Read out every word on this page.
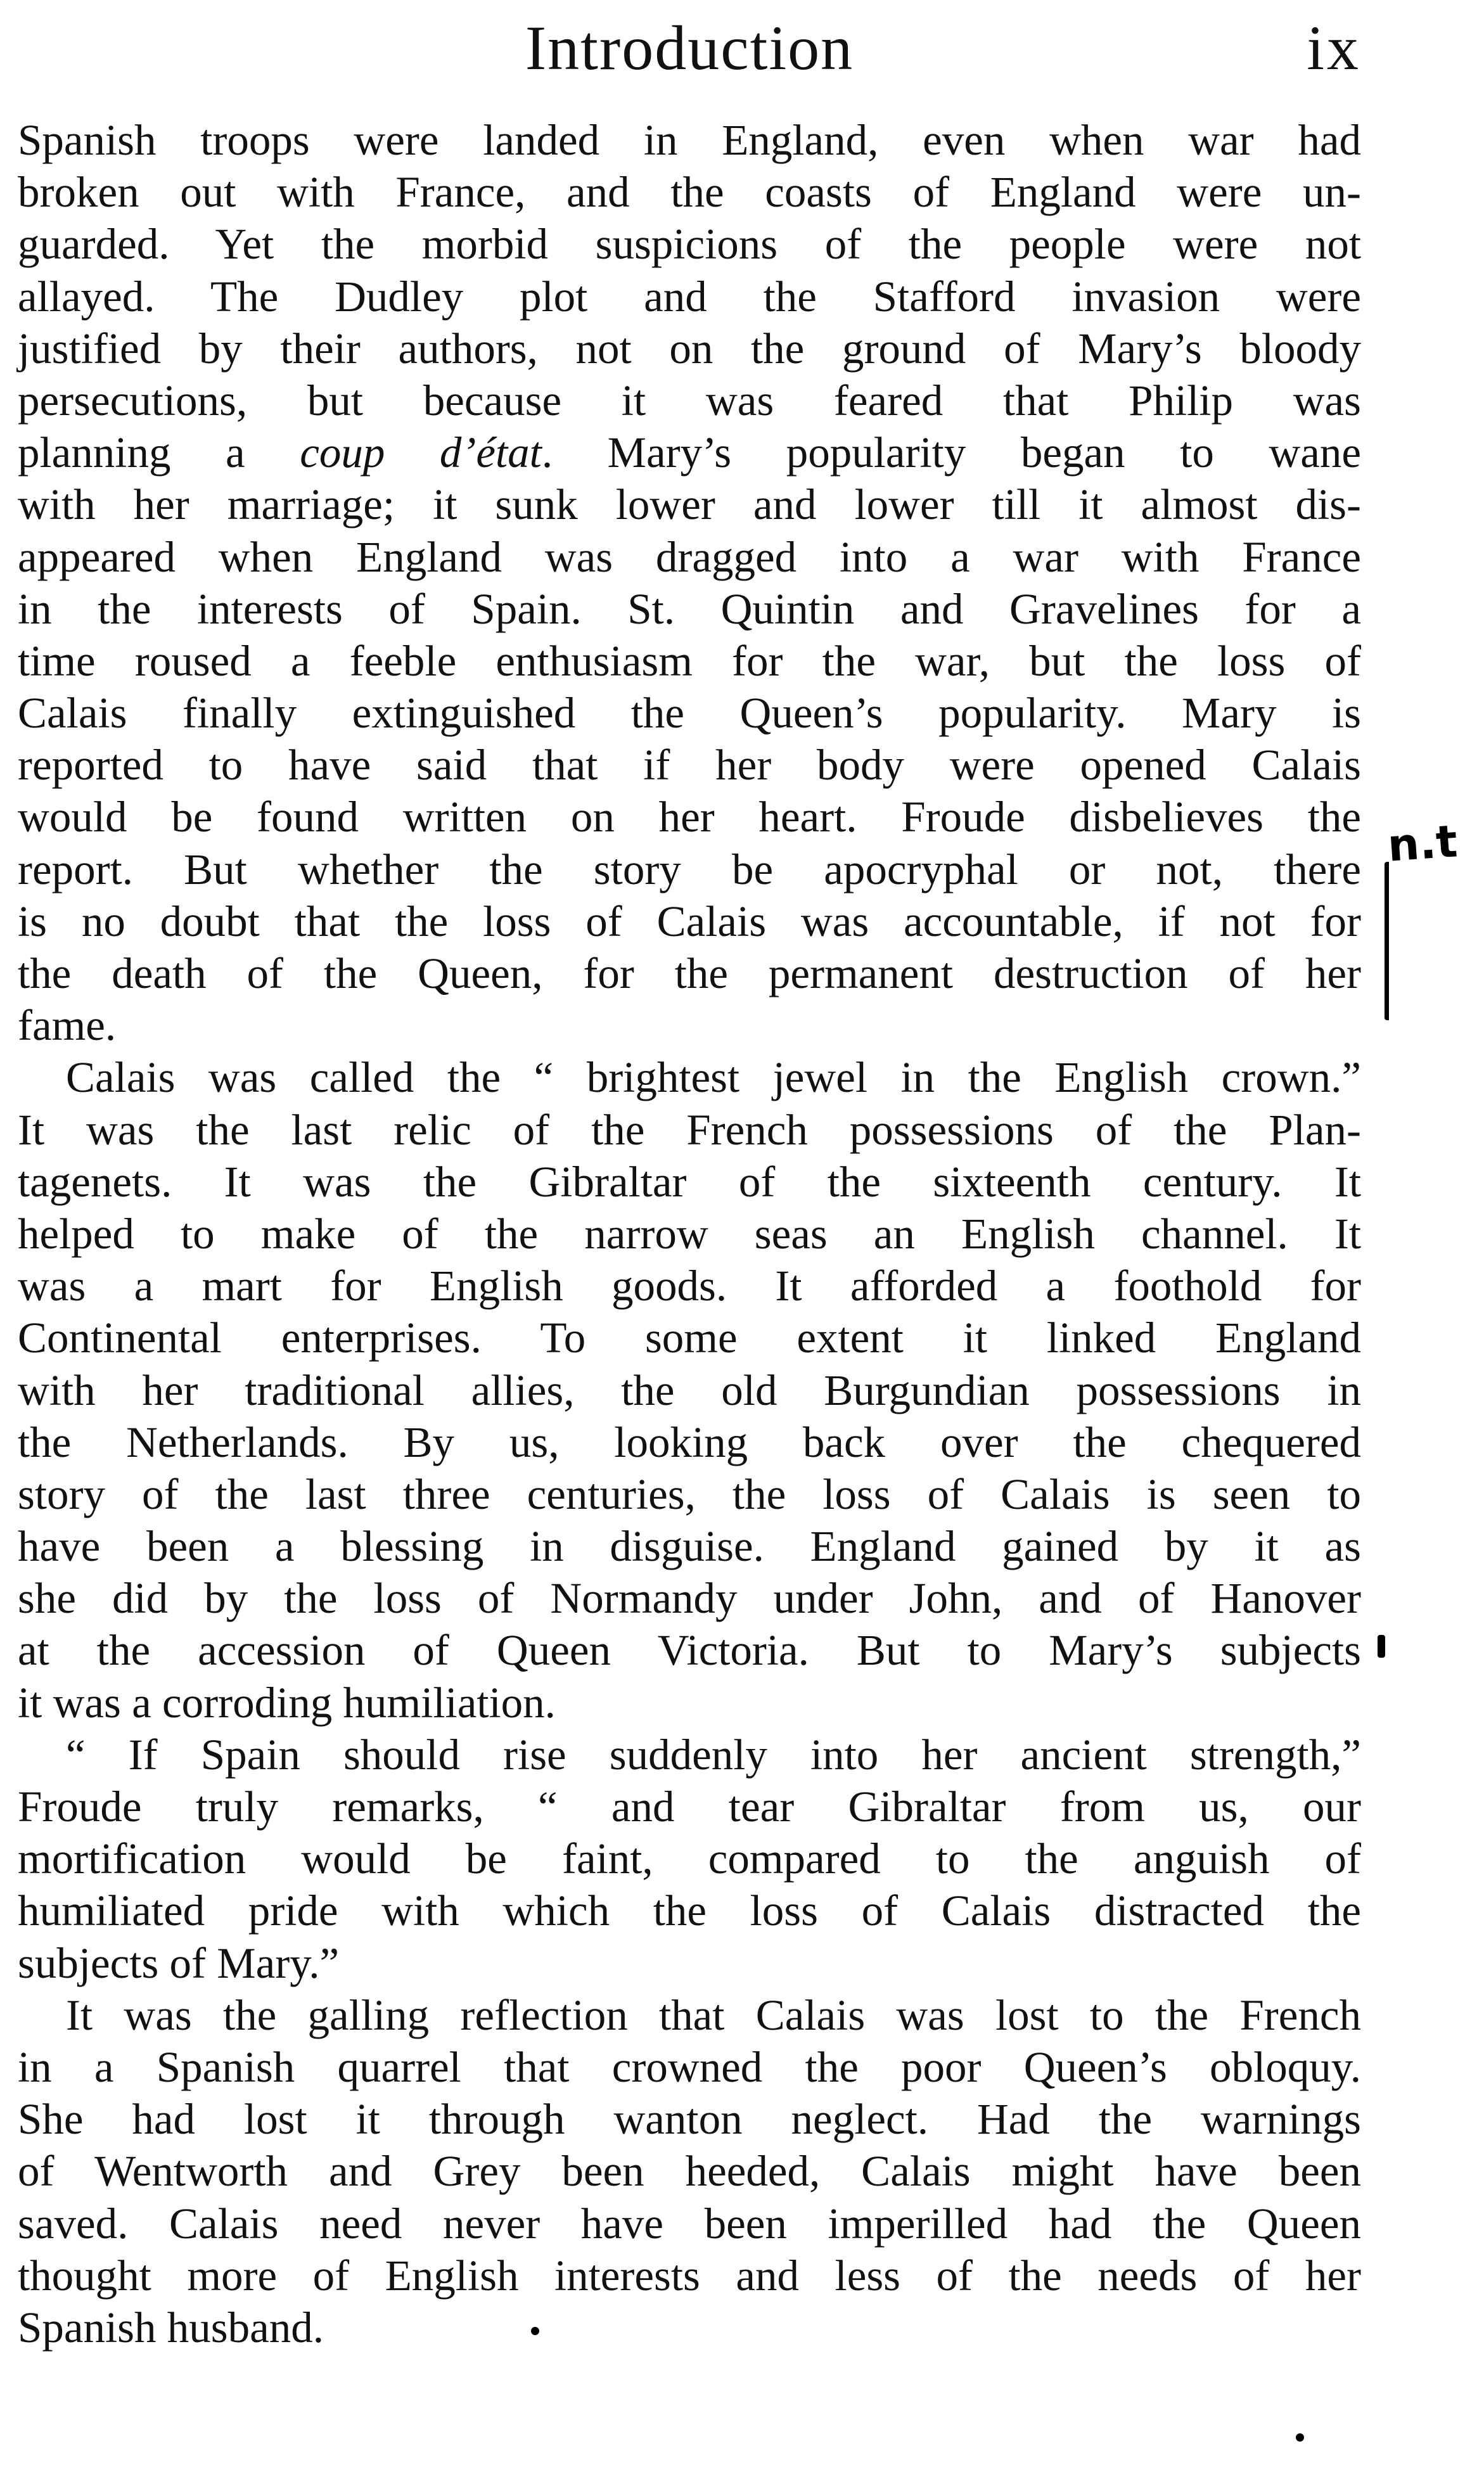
Introduction	ix
Spanish troops were landed in England, even when war had
broken out with France, and the coasts of England were un-
guarded. Yet the morbid suspicions of the people were not
allayed. The Dudley plot and the Stafford invasion were
justified by their authors, not on the ground of Mary’s bloody
persecutions, but because it was feared that Philip was
planning a coup d’état. Mary’s popularity began to wane
with her marriage; it sunk lower and lower till it almost dis-
appeared when England was dragged into a war with France
in the interests of Spain. St. Quintin and Gravelines for a
time roused a feeble enthusiasm for the war, but the loss of
Calais finally extinguished the Queen’s popularity. Mary is
reported to have said that if her body were opened Calais
would be found written on her heart. Froude disbelieves the
report. But whether the story be apocryphal or not, there
is no doubt that the loss of Calais was accountable, if not for
the death of the Queen, for the permanent destruction of her
fame.
Calais was called the “ brightest jewel in the English crown.”
It was the last relic of the French possessions of the Plan-
tagenets. It was the Gibraltar of the sixteenth century. It
helped to make of the narrow seas an English channel. It
was a mart for English goods. It afforded a foothold for
Continental enterprises. To some extent it linked England
with her traditional allies, the old Burgundian possessions in
the Netherlands. By us, looking back over the chequered
story of the last three centuries, the loss of Calais is seen to
have been a blessing in disguise. England gained by it as
she did by the loss of Normandy under John, and of Hanover
at the accession of Queen Victoria. But to Mary’s subjects
it was a corroding humiliation.
“ If Spain should rise suddenly into her ancient strength,”
Froude truly remarks, “ and tear Gibraltar from us, our
mortification would be faint, compared to the anguish of
humiliated pride with which the loss of Calais distracted the
subjects of Mary.”
It was the galling reflection that Calais was lost to the French
in a Spanish quarrel that crowned the poor Queen’s obloquy.
She had lost it through wanton neglect. Had the warnings
of Wentworth and Grey been heeded, Calais might have been
saved. Calais need never have been imperilled had the Queen
thought more of English interests and less of the needs of her
Spanish husband.
n.t
